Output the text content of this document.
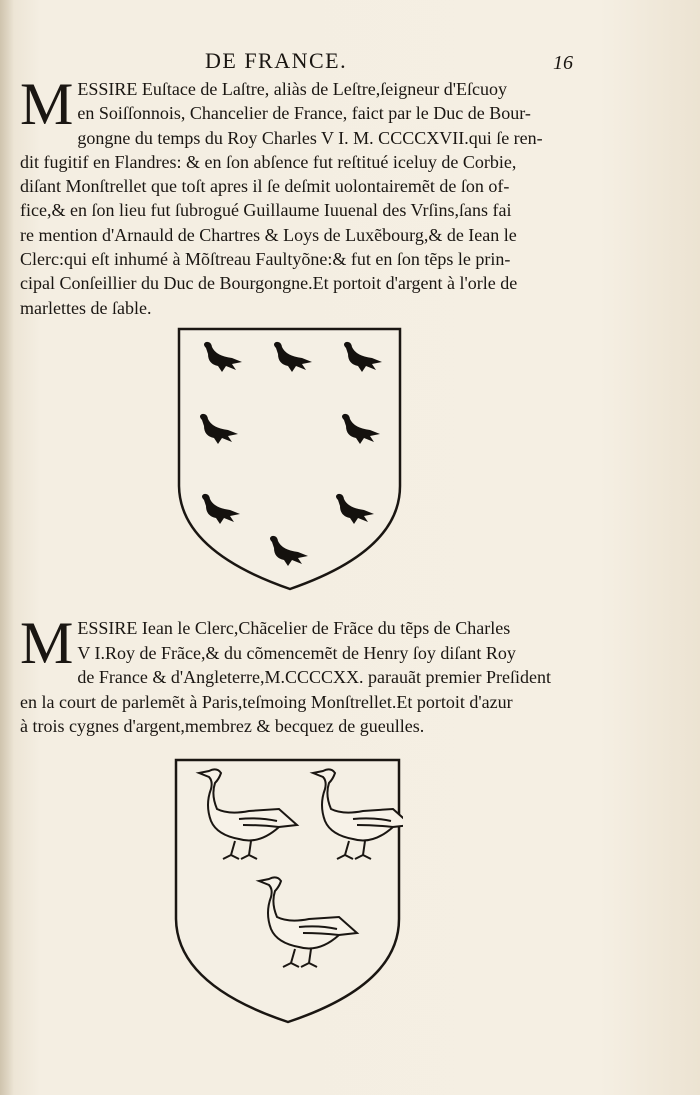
DE FRANCE.	16
M ESSIRE Euſtace de Laſtre, aliàs de Leſtre,ſeigneur d'Eſcuoy
en Soiſſonnois, Chancelier de France, faict par le Duc de Bour-
gongne du temps du Roy Charles V I. M. CCCCXVII.qui ſe ren-
dit fugitif en Flandres: & en ſon abſence fut reſtitué iceluy de Corbie,
diſant Monſtrellet que toſt apres il ſe deſmit uolontairemẽt de ſon of-
fice,& en ſon lieu fut ſubrogué Guillaume Iuuenal des Vrſins,ſans fai
re mention d'Arnauld de Chartres & Loys de Luxẽbourg,& de Iean le
Clerc:qui eſt inhumé à Mõſtreau Faultyõne:& fut en ſon tẽps le prin-
cipal Conſeillier du Duc de Bourgongne.Et portoit d'argent à l'orle de
marlettes de ſable.
M ESSIRE Iean le Clerc,Chãcelier de Frãce du tẽps de Charles
V I.Roy de Frãce,& du cõmencemẽt de Henry ſoy diſant Roy
de France & d'Angleterre,M.CCCCXX. parauãt premier Preſident
en la court de parlemẽt à Paris,teſmoing Monſtrellet.Et portoit d'azur
à trois cygnes d'argent,membrez & becquez de gueulles.
